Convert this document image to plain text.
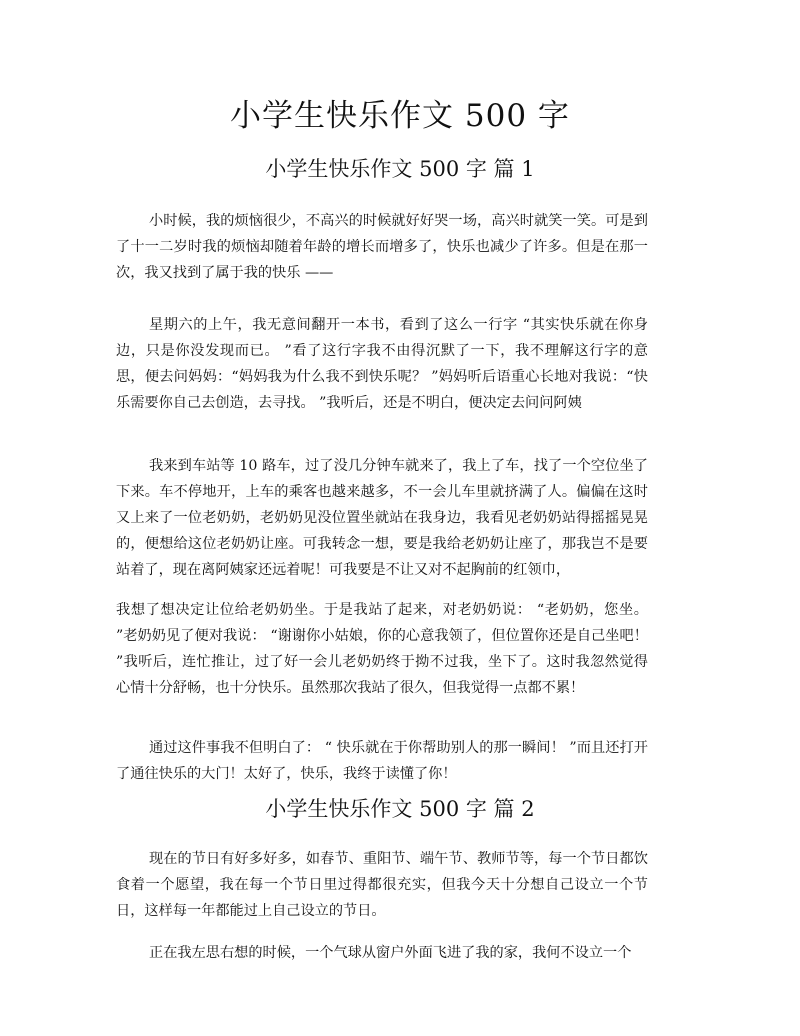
小学生快乐作文 500 字
小学生快乐作文 500 字 篇 1

小时候，我的烦恼很少，不高兴的时候就好好哭一场，高兴时就笑一笑。可是到了十一二岁时我的烦恼却随着年龄的增长而增多了，快乐也减少了许多。但是在那一次，我又找到了属于我的快乐 ——

星期六的上午，我无意间翻开一本书，看到了这么一行字 “其实快乐就在你身边，只是你没发现而已。 ”看了这行字我不由得沉默了一下，我不理解这行字的意思，便去问妈妈：“妈妈我为什么我不到快乐呢？ ”妈妈听后语重心长地对我说：“快乐需要你自己去创造，去寻找。 ”我听后，还是不明白，便决定去问问阿姨

我来到车站等 10 路车，过了没几分钟车就来了，我上了车，找了一个空位坐了下来。车不停地开，上车的乘客也越来越多，不一会儿车里就挤满了人。偏偏在这时又上来了一位老奶奶，老奶奶见没位置坐就站在我身边，我看见老奶奶站得摇摇晃晃的，便想给这位老奶奶让座。可我转念一想，要是我给老奶奶让座了，那我岂不是要站着了，现在离阿姨家还远着呢！可我要是不让又对不起胸前的红领巾，

我想了想决定让位给老奶奶坐。于是我站了起来，对老奶奶说： “老奶奶，您坐。 ”老奶奶见了便对我说： “谢谢你小姑娘，你的心意我领了，但位置你还是自己坐吧！ ”我听后，连忙推让，过了好一会儿老奶奶终于拗不过我，坐下了。这时我忽然觉得心情十分舒畅，也十分快乐。虽然那次我站了很久，但我觉得一点都不累！

通过这件事我不但明白了： “ 快乐就在于你帮助别人的那一瞬间！ ”而且还打开了通往快乐的大门！太好了，快乐，我终于读懂了你！

小学生快乐作文 500 字 篇 2

现在的节日有好多好多，如春节、重阳节、端午节、教师节等，每一个节日都饮食着一个愿望，我在每一个节日里过得都很充实，但我今天十分想自己设立一个节日，这样每一年都能过上自己设立的节日。

正在我左思右想的时候，一个气球从窗户外面飞进了我的家，我何不设立一个
